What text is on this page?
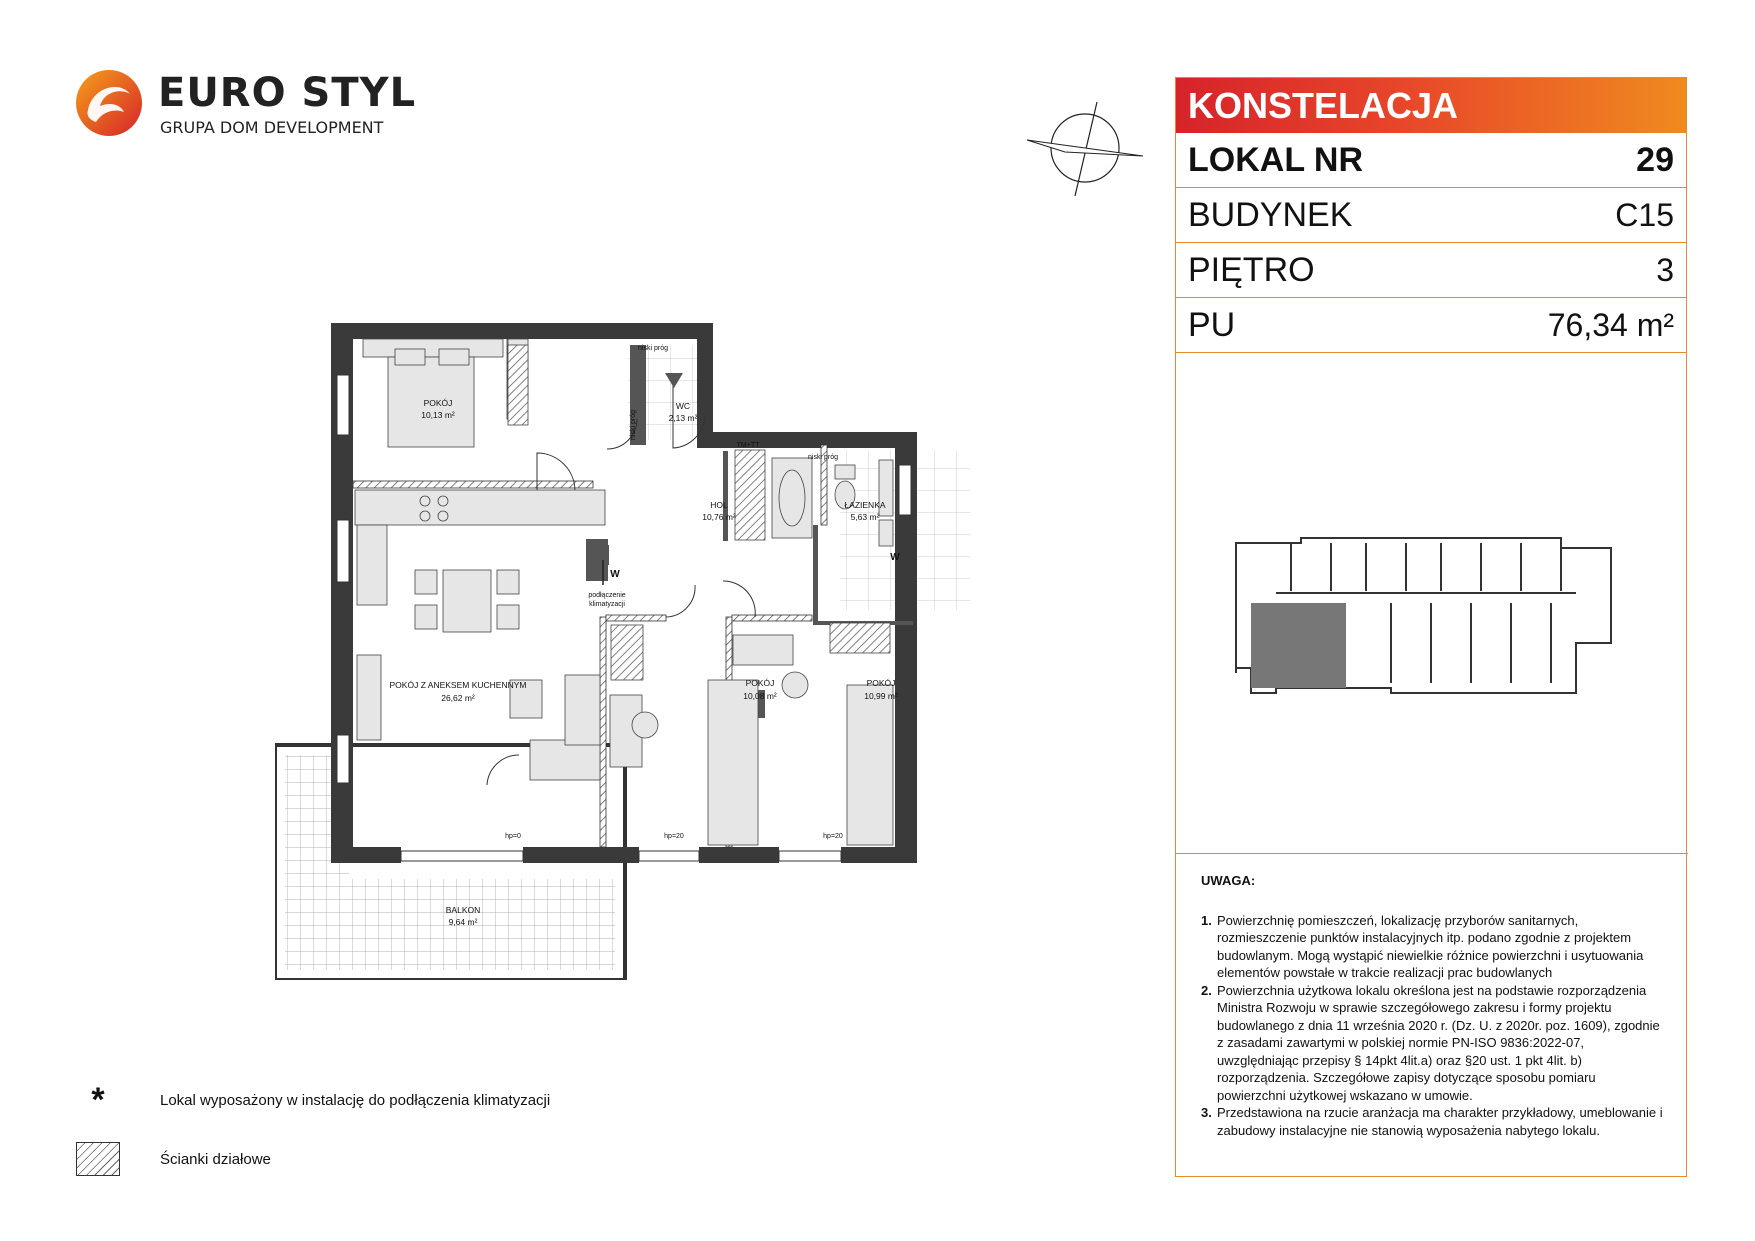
EURO STYL
GRUPA DOM DEVELOPMENT
POKÓJ
10,13 m²
WC
2,13 m²
HOL
10,76 m²
ŁAZIENKA
5,63 m²
POKÓJ Z ANEKSEM KUCHENNYM
26,62 m²
POKÓJ
10,08 m²
POKÓJ
10,99 m²
BALKON
9,64 m²
niski próg
niski próg
niski próg
TM+TT
podłączenie
klimatyzacji
W
W
hp=0	hp=20	hp=20
KONSTELACJA
LOKAL NR	29
BUDYNEK	C15
PIĘTRO	3
PU	76,34 m²
UWAGA:
1. Powierzchnię pomieszczeń, lokalizację przyborów sanitarnych, rozmieszczenie punktów instalacyjnych itp. podano zgodnie z projektem budowlanym. Mogą wystąpić niewielkie różnice powierzchni i usytuowania elementów powstałe w trakcie realizacji prac budowlanych
2. Powierzchnia użytkowa lokalu określona jest na podstawie rozporządzenia Ministra Rozwoju w sprawie szczegółowego zakresu i formy projektu budowlanego z dnia 11 września 2020 r. (Dz. U. z 2020r. poz. 1609), zgodnie z zasadami zawartymi w polskiej normie PN-ISO 9836:2022-07, uwzględniając przepisy § 14pkt 4lit.a) oraz §20 ust. 1 pkt 4lit. b) rozporządzenia. Szczegółowe zapisy dotyczące sposobu pomiaru powierzchni użytkowej wskazano w umowie.
3. Przedstawiona na rzucie aranżacja ma charakter przykładowy, umeblowanie i zabudowy instalacyjne nie stanowią wyposażenia nabytego lokalu.
*	Lokal wyposażony w instalację do podłączenia klimatyzacji
Ścianki działowe
